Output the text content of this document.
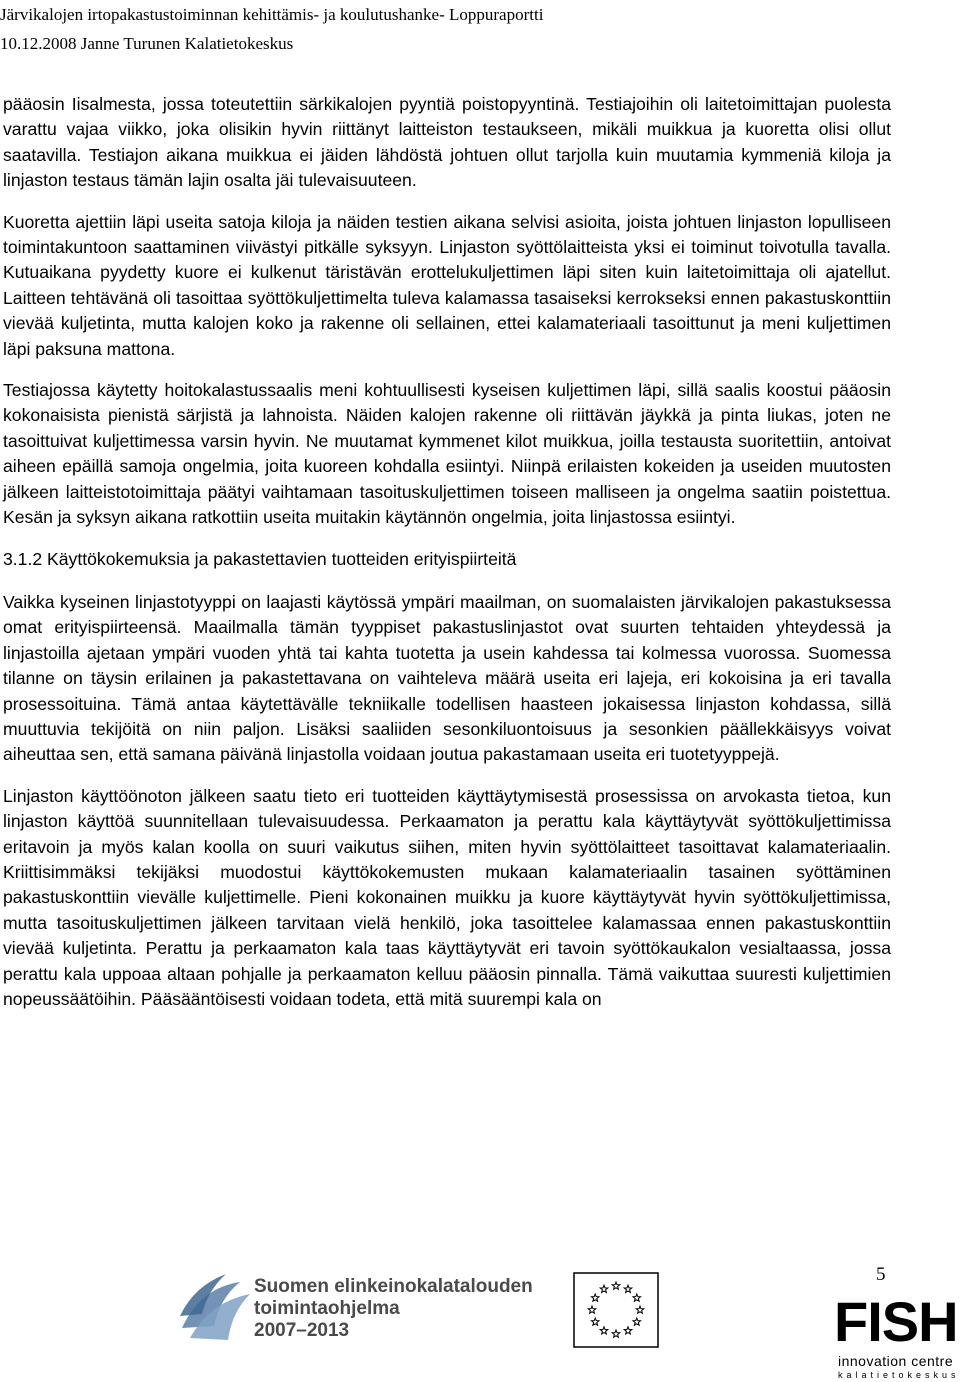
Järvikalojen irtopakastustoiminnan kehittämis- ja koulutushanke- Loppuraportti
10.12.2008 Janne Turunen Kalatietokeskus

pääosin Iisalmesta, jossa toteutettiin särkikalojen pyyntiä poistopyyntinä. Testiajoihin oli laitetoimittajan puolesta varattu vajaa viikko, joka olisikin hyvin riittänyt laitteiston testaukseen, mikäli muikkua ja kuoretta olisi ollut saatavilla. Testiajon aikana muikkua ei jäiden lähdöstä johtuen ollut tarjolla kuin muutamia kymmeniä kiloja ja linjaston testaus tämän lajin osalta jäi tulevaisuuteen.

Kuoretta ajettiin läpi useita satoja kiloja ja näiden testien aikana selvisi asioita, joista johtuen linjaston lopulliseen toimintakuntoon saattaminen viivästyi pitkälle syksyyn. Linjaston syöttölaitteista yksi ei toiminut toivotulla tavalla. Kutuaikana pyydetty kuore ei kulkenut täristävän erottelukuljettimen läpi siten kuin laitetoimittaja oli ajatellut. Laitteen tehtävänä oli tasoittaa syöttökuljettimelta tuleva kalamassa tasaiseksi kerrokseksi ennen pakastuskonttiin vievää kuljetinta, mutta kalojen koko ja rakenne oli sellainen, ettei kalamateriaali tasoittunut ja meni kuljettimen läpi paksuna mattona.

Testiajossa käytetty hoitokalastussaalis meni kohtuullisesti kyseisen kuljettimen läpi, sillä saalis koostui pääosin kokonaisista pienistä särjistä ja lahnoista. Näiden kalojen rakenne oli riittävän jäykkä ja pinta liukas, joten ne tasoittuivat kuljettimessa varsin hyvin. Ne muutamat kymmenet kilot muikkua, joilla testausta suoritettiin, antoivat aiheen epäillä samoja ongelmia, joita kuoreen kohdalla esiintyi. Niinpä erilaisten kokeiden ja useiden muutosten jälkeen laitteistotoimittaja päätyi vaihtamaan tasoituskuljettimen toiseen malliseen ja ongelma saatiin poistettua. Kesän ja syksyn aikana ratkottiin useita muitakin käytännön ongelmia, joita linjastossa esiintyi.

3.1.2 Käyttökokemuksia ja pakastettavien tuotteiden erityispiirteitä

Vaikka kyseinen linjastotyyppi on laajasti käytössä ympäri maailman, on suomalaisten järvikalojen pakastuksessa omat erityispiirteensä. Maailmalla tämän tyyppiset pakastuslinjastot ovat suurten tehtaiden yhteydessä ja linjastoilla ajetaan ympäri vuoden yhtä tai kahta tuotetta ja usein kahdessa tai kolmessa vuorossa. Suomessa tilanne on täysin erilainen ja pakastettavana on vaihteleva määrä useita eri lajeja, eri kokoisina ja eri tavalla prosessoituina. Tämä antaa käytettävälle tekniikalle todellisen haasteen jokaisessa linjaston kohdassa, sillä muuttuvia tekijöitä on niin paljon. Lisäksi saaliiden sesonkiluontoisuus ja sesonkien päällekkäisyys voivat aiheuttaa sen, että samana päivänä linjastolla voidaan joutua pakastamaan useita eri tuotetyyppejä.

Linjaston käyttöönoton jälkeen saatu tieto eri tuotteiden käyttäytymisestä prosessissa on arvokasta tietoa, kun linjaston käyttöä suunnitellaan tulevaisuudessa. Perkaamaton ja perattu kala käyttäytyvät syöttökuljettimissa eritavoin ja myös kalan koolla on suuri vaikutus siihen, miten hyvin syöttölaitteet tasoittavat kalamateriaalin. Kriittisimmäksi tekijäksi muodostui käyttökokemusten mukaan kalamateriaalin tasainen syöttäminen pakastuskonttiin vievälle kuljettimelle. Pieni kokonainen muikku ja kuore käyttäytyvät hyvin syöttökuljettimissa, mutta tasoituskuljettimen jälkeen tarvitaan vielä henkilö, joka tasoittelee kalamassaa ennen pakastuskonttiin vievää kuljetinta. Perattu ja perkaamaton kala taas käyttäytyvät eri tavoin syöttökaukalon vesialtaassa, jossa perattu kala uppoaa altaan pohjalle ja perkaamaton kelluu pääosin pinnalla. Tämä vaikuttaa suuresti kuljettimien nopeussäätöihin. Pääsääntöisesti voidaan todeta, että mitä suurempi kala on

Suomen elinkeinokalatalouden
toimintaohjelma
2007–2013
5
FISH
innovation centre
kalatietokeskus
